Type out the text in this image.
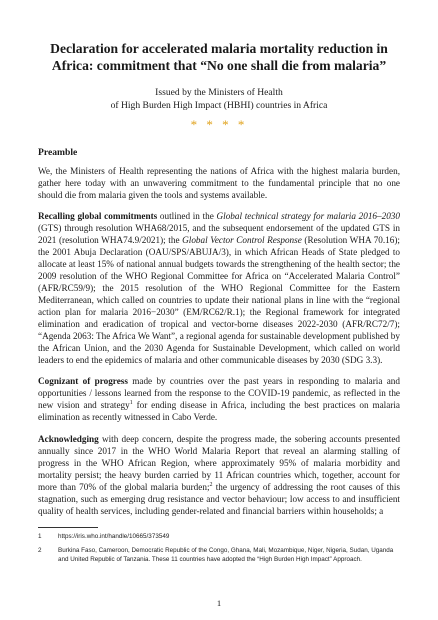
Declaration for accelerated malaria mortality reduction in Africa: commitment that “No one shall die from malaria”
Issued by the Ministers of Health
of High Burden High Impact (HBHI) countries in Africa
* * * *
Preamble

We, the Ministers of Health representing the nations of Africa with the highest malaria burden, gather here today with an unwavering commitment to the fundamental principle that no one should die from malaria given the tools and systems available.

Recalling global commitments outlined in the Global technical strategy for malaria 2016–2030 (GTS) through resolution WHA68/2015, and the subsequent endorsement of the updated GTS in 2021 (resolution WHA74.9/2021); the Global Vector Control Response (Resolution WHA 70.16); the 2001 Abuja Declaration (OAU/SPS/ABUJA/3), in which African Heads of State pledged to allocate at least 15% of national annual budgets towards the strengthening of the health sector; the 2009 resolution of the WHO Regional Committee for Africa on “Accelerated Malaria Control” (AFR/RC59/9); the 2015 resolution of the WHO Regional Committee for the Eastern Mediterranean, which called on countries to update their national plans in line with the “regional action plan for malaria 2016−2030” (EM/RC62/R.1); the Regional framework for integrated elimination and eradication of tropical and vector-borne diseases 2022-2030 (AFR/RC72/7); “Agenda 2063: The Africa We Want”, a regional agenda for sustainable development published by the African Union, and the 2030 Agenda for Sustainable Development, which called on world leaders to end the epidemics of malaria and other communicable diseases by 2030 (SDG 3.3).

Cognizant of progress made by countries over the past years in responding to malaria and opportunities / lessons learned from the response to the COVID-19 pandemic, as reflected in the new vision and strategy$^1$ for ending disease in Africa, including the best practices on malaria elimination as recently witnessed in Cabo Verde.

Acknowledging with deep concern, despite the progress made, the sobering accounts presented annually since 2017 in the WHO World Malaria Report that reveal an alarming stalling of progress in the WHO African Region, where approximately 95% of malaria morbidity and mortality persist; the heavy burden carried by 11 African countries which, together, account for more than 70% of the global malaria burden;$^2$ the urgency of addressing the root causes of this stagnation, such as emerging drug resistance and vector behaviour; low access to and insufficient quality of health services, including gender-related and financial barriers within households; a

1	https://iris.who.int/handle/10665/373549
2	Burkina Faso, Cameroon, Democratic Republic of the Congo, Ghana, Mali, Mozambique, Niger, Nigeria, Sudan, Uganda and United Republic of Tanzania. These 11 countries have adopted the “High Burden High Impact” Approach.
1
